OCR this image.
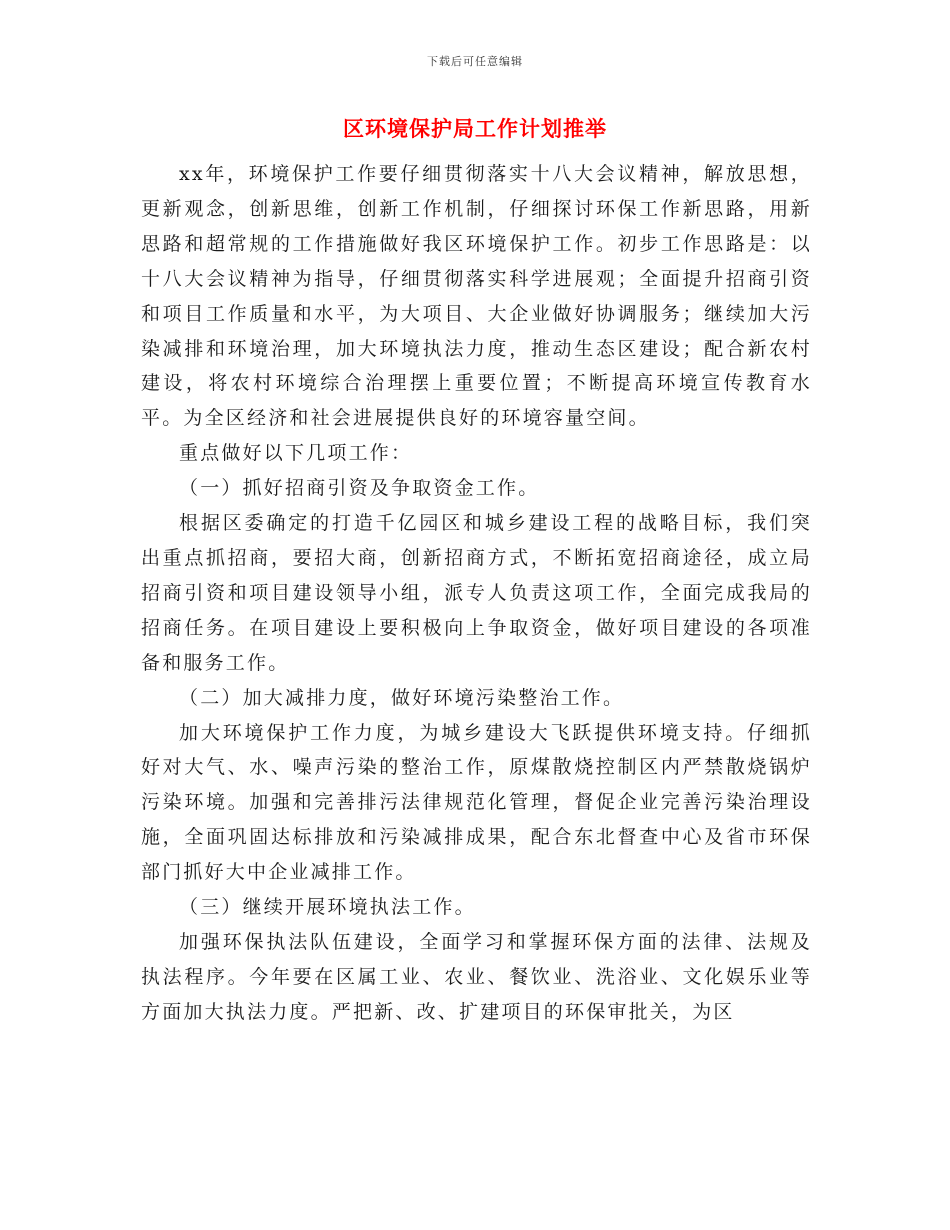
下载后可任意编辑
区环境保护局工作计划推举

xx年，环境保护工作要仔细贯彻落实十八大会议精神，解放思想，更新观念，创新思维，创新工作机制，仔细探讨环保工作新思路，用新思路和超常规的工作措施做好我区环境保护工作。初步工作思路是：以十八大会议精神为指导，仔细贯彻落实科学进展观；全面提升招商引资和项目工作质量和水平，为大项目、大企业做好协调服务；继续加大污染减排和环境治理，加大环境执法力度，推动生态区建设；配合新农村建设，将农村环境综合治理摆上重要位置；不断提高环境宣传教育水平。为全区经济和社会进展提供良好的环境容量空间。

重点做好以下几项工作：

（一）抓好招商引资及争取资金工作。

根据区委确定的打造千亿园区和城乡建设工程的战略目标，我们突出重点抓招商，要招大商，创新招商方式，不断拓宽招商途径，成立局招商引资和项目建设领导小组，派专人负责这项工作，全面完成我局的招商任务。在项目建设上要积极向上争取资金，做好项目建设的各项准备和服务工作。

（二）加大减排力度，做好环境污染整治工作。

加大环境保护工作力度，为城乡建设大飞跃提供环境支持。仔细抓好对大气、水、噪声污染的整治工作，原煤散烧控制区内严禁散烧锅炉污染环境。加强和完善排污法律规范化管理，督促企业完善污染治理设施，全面巩固达标排放和污染减排成果，配合东北督查中心及省市环保部门抓好大中企业减排工作。

（三）继续开展环境执法工作。

加强环保执法队伍建设，全面学习和掌握环保方面的法律、法规及执法程序。今年要在区属工业、农业、餐饮业、洗浴业、文化娱乐业等方面加大执法力度。严把新、改、扩建项目的环保审批关，为区
